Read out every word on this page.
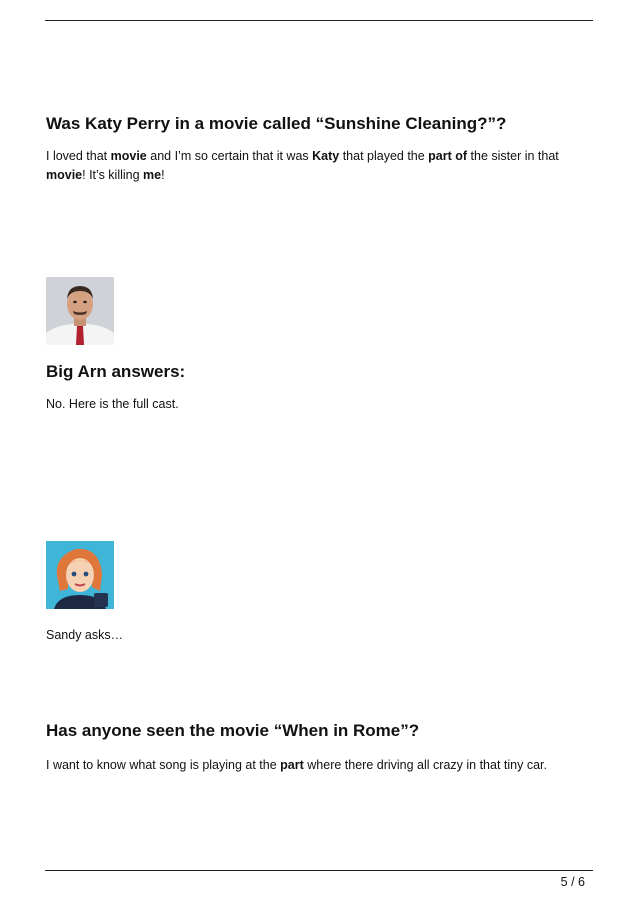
Was Katy Perry in a movie called “Sunshine Cleaning?”?

I loved that movie and I’m so certain that it was Katy that played the part of the sister in that movie! It’s killing me!

Big Arn answers:

No. Here is the full cast.

Sandy asks…

Has anyone seen the movie “When in Rome”?

I want to know what song is playing at the part where there driving all crazy in that tiny car.

5 / 6
